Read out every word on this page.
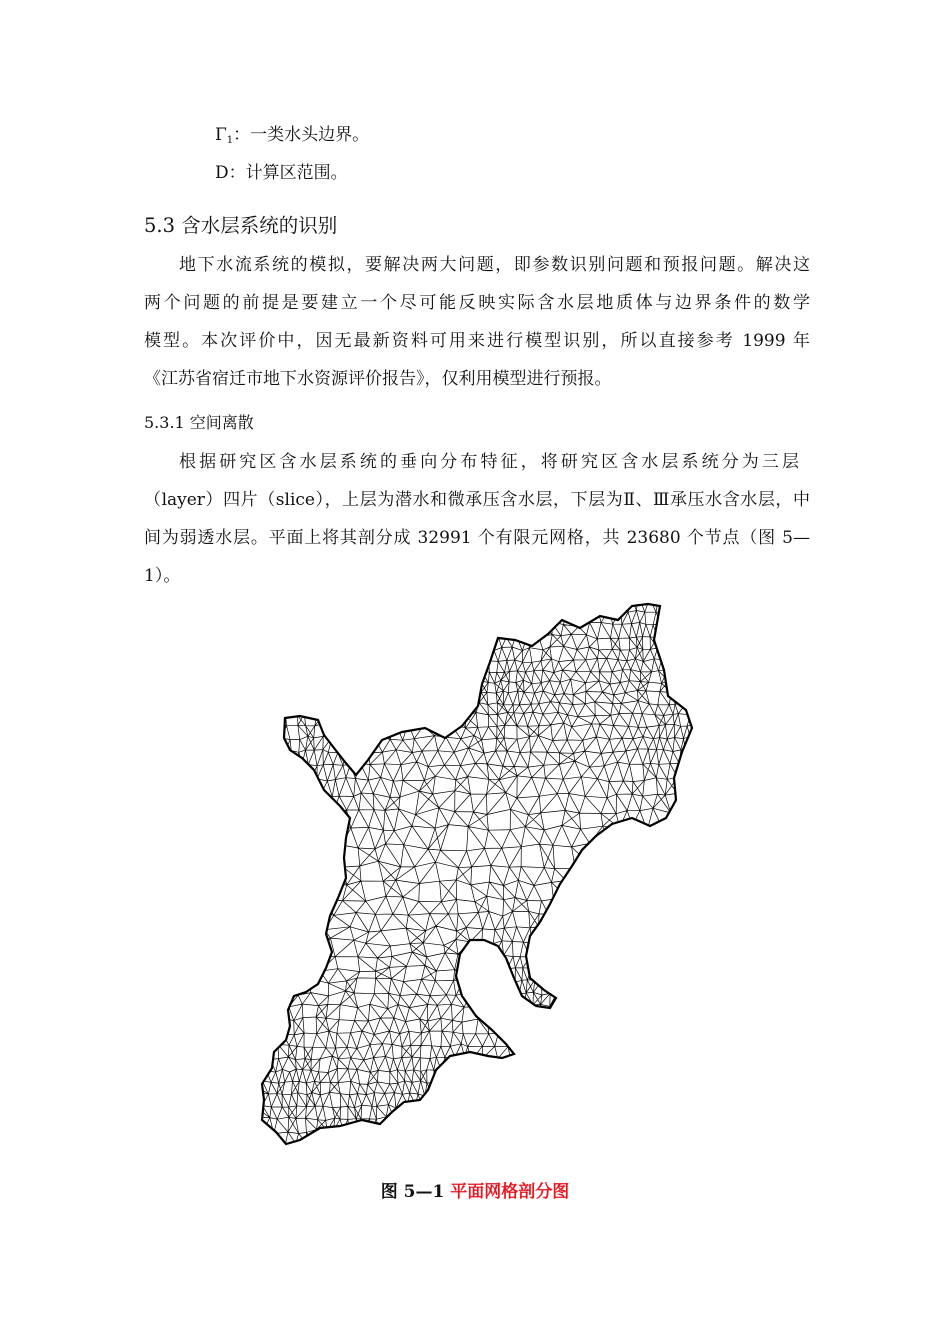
$\Gamma_1$：一类水头边界。
D：计算区范围。
5.3 含水层系统的识别
地下水流系统的模拟，要解决两大问题，即参数识别问题和预报问题。解决这
两个问题的前提是要建立一个尽可能反映实际含水层地质体与边界条件的数学
模型。本次评价中，因无最新资料可用来进行模型识别，所以直接参考 1999 年
《江苏省宿迁市地下水资源评价报告》，仅利用模型进行预报。
5.3.1 空间离散
根据研究区含水层系统的垂向分布特征，将研究区含水层系统分为三层
（layer）四片（slice），上层为潜水和微承压含水层，下层为Ⅱ、Ⅲ承压水含水层，中
间为弱透水层。平面上将其剖分成 32991 个有限元网格，共 23680 个节点（图 5—
1）。
图 5—1 平面网格剖分图
